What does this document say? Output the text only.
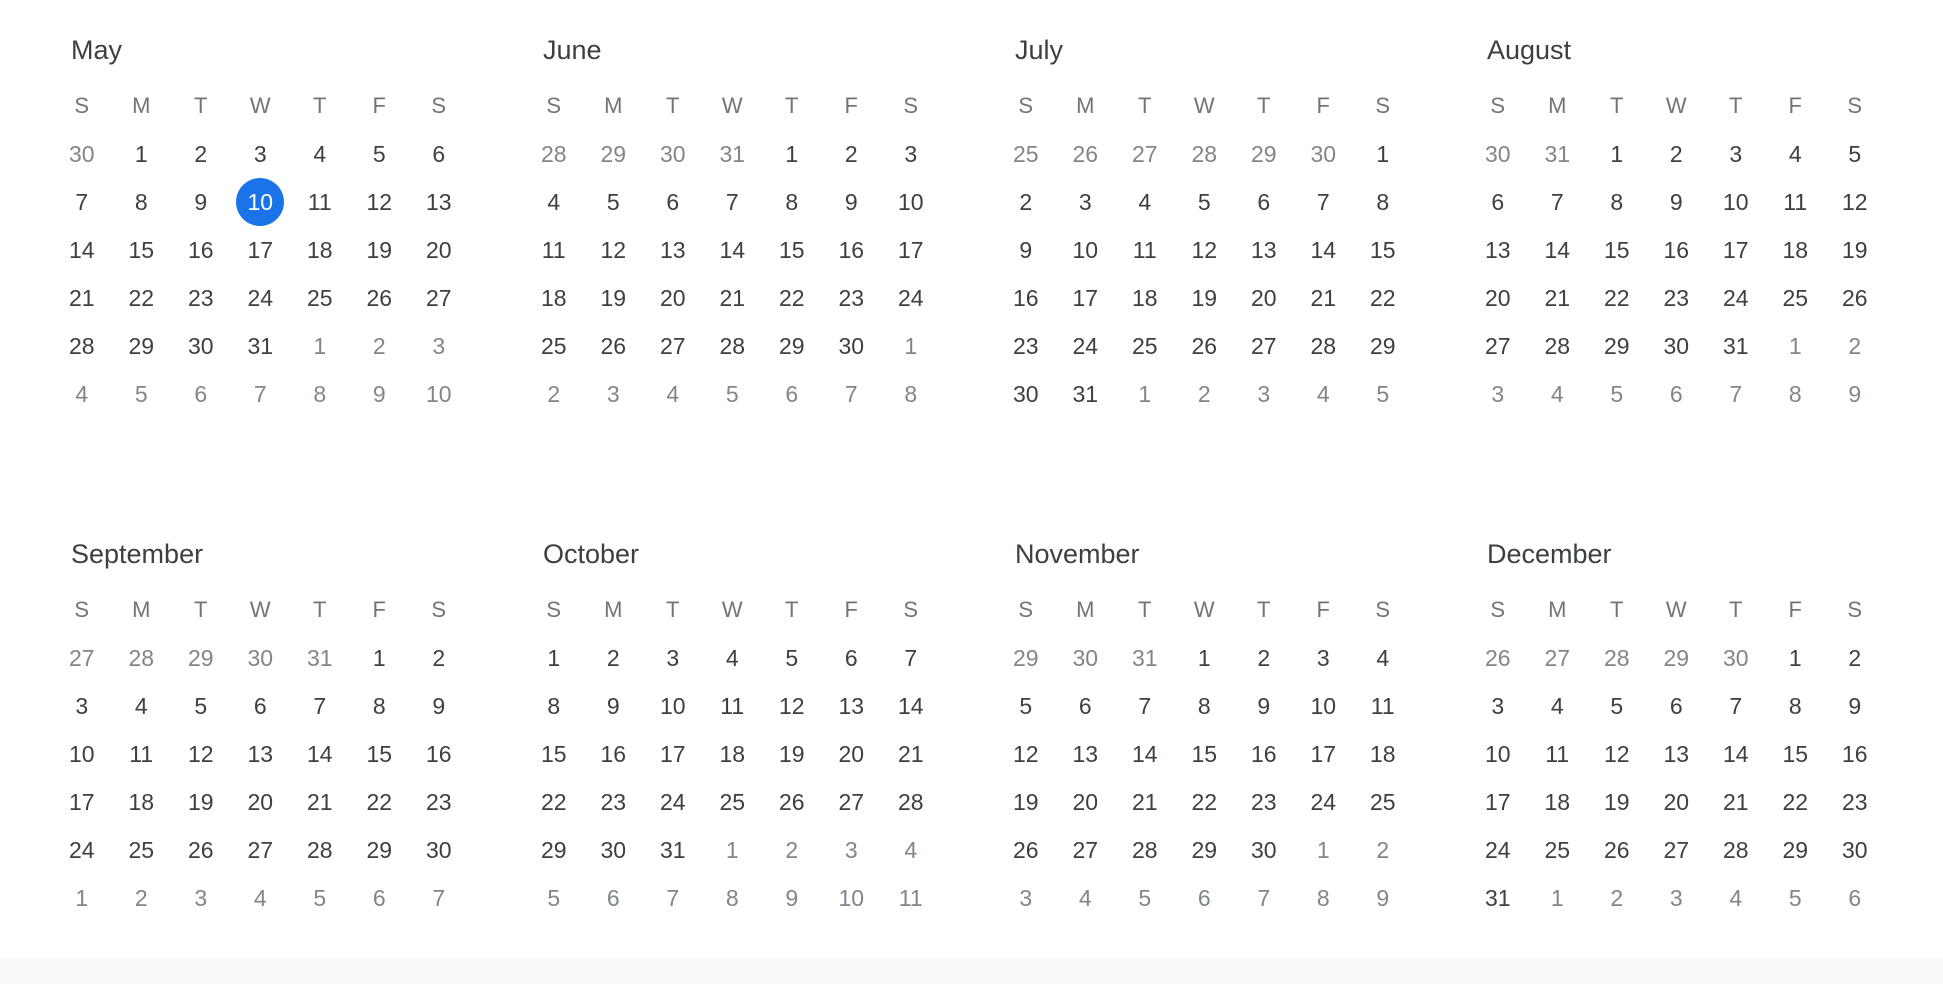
May
S	M	T	W	T	F	S
30	1	2	3	4	5	6
7	8	9	10	11	12	13
14	15	16	17	18	19	20
21	22	23	24	25	26	27
28	29	30	31	1	2	3
4	5	6	7	8	9	10
June
S	M	T	W	T	F	S
28	29	30	31	1	2	3
4	5	6	7	8	9	10
11	12	13	14	15	16	17
18	19	20	21	22	23	24
25	26	27	28	29	30	1
2	3	4	5	6	7	8
July
S	M	T	W	T	F	S
25	26	27	28	29	30	1
2	3	4	5	6	7	8
9	10	11	12	13	14	15
16	17	18	19	20	21	22
23	24	25	26	27	28	29
30	31	1	2	3	4	5
August
S	M	T	W	T	F	S
30	31	1	2	3	4	5
6	7	8	9	10	11	12
13	14	15	16	17	18	19
20	21	22	23	24	25	26
27	28	29	30	31	1	2
3	4	5	6	7	8	9
September
S	M	T	W	T	F	S
27	28	29	30	31	1	2
3	4	5	6	7	8	9
10	11	12	13	14	15	16
17	18	19	20	21	22	23
24	25	26	27	28	29	30
1	2	3	4	5	6	7
October
S	M	T	W	T	F	S
1	2	3	4	5	6	7
8	9	10	11	12	13	14
15	16	17	18	19	20	21
22	23	24	25	26	27	28
29	30	31	1	2	3	4
5	6	7	8	9	10	11
November
S	M	T	W	T	F	S
29	30	31	1	2	3	4
5	6	7	8	9	10	11
12	13	14	15	16	17	18
19	20	21	22	23	24	25
26	27	28	29	30	1	2
3	4	5	6	7	8	9
December
S	M	T	W	T	F	S
26	27	28	29	30	1	2
3	4	5	6	7	8	9
10	11	12	13	14	15	16
17	18	19	20	21	22	23
24	25	26	27	28	29	30
31	1	2	3	4	5	6
